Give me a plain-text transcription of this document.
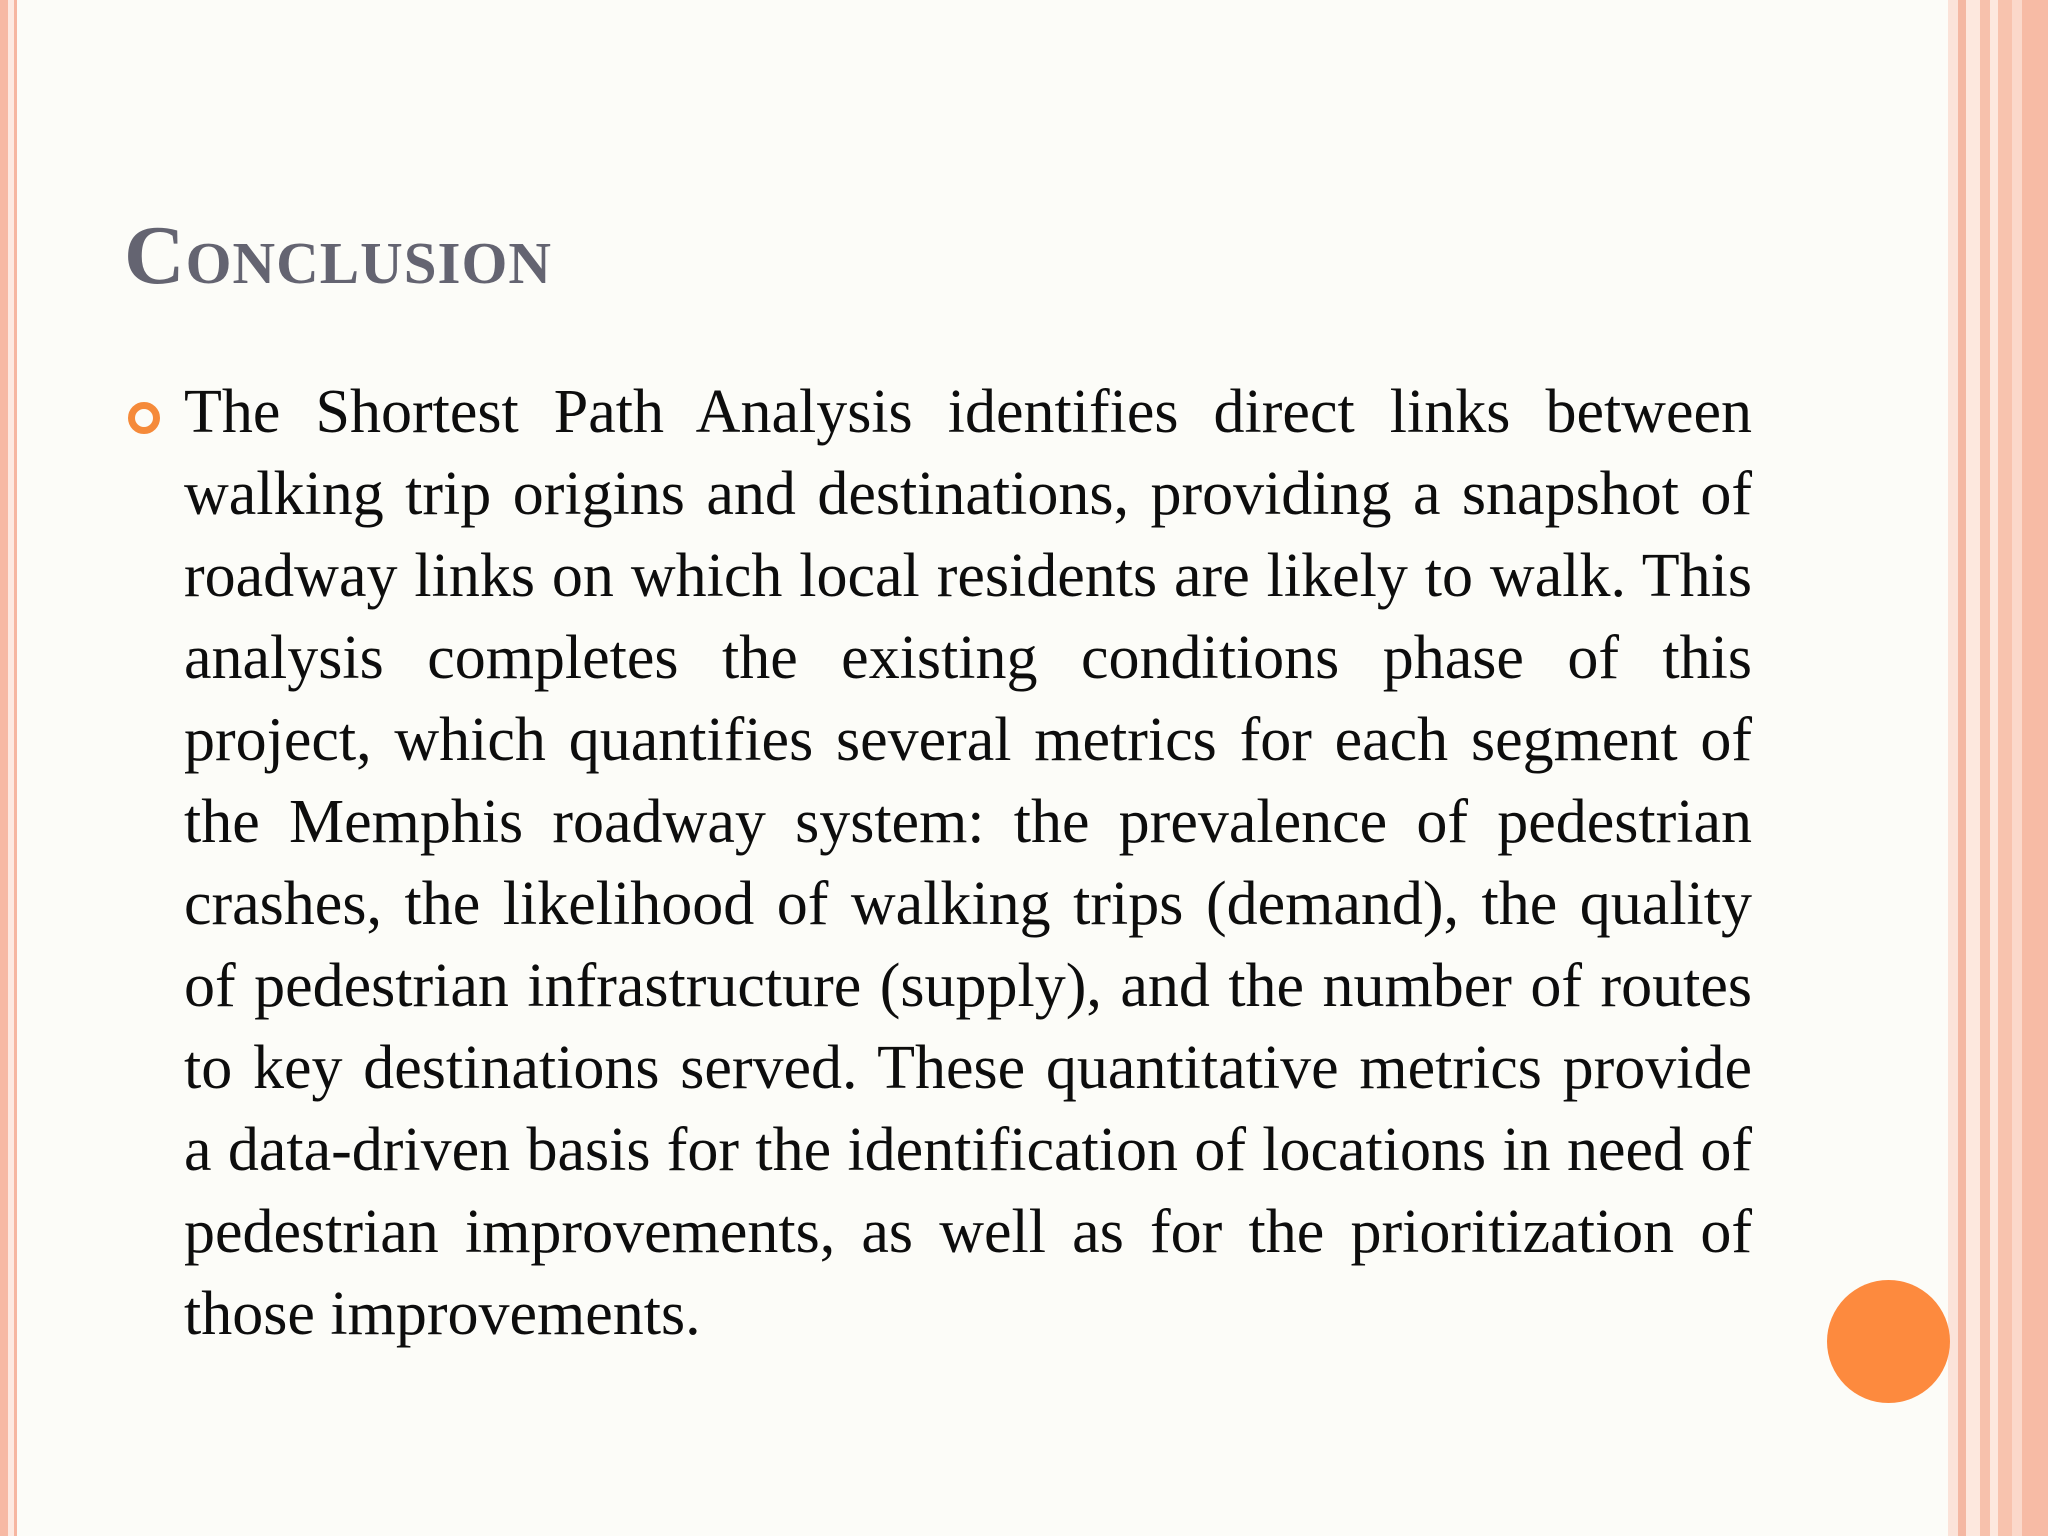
Conclusion

The Shortest Path Analysis identifies direct links between walking trip origins and destinations, providing a snapshot of roadway links on which local residents are likely to walk. This analysis completes the existing conditions phase of this project, which quantifies several metrics for each segment of the Memphis roadway system: the prevalence of pedestrian crashes, the likelihood of walking trips (demand), the quality of pedestrian infrastructure (supply), and the number of routes to key destinations served. These quantitative metrics provide a data-driven basis for the identification of locations in need of pedestrian improvements, as well as for the prioritization of those improvements.
